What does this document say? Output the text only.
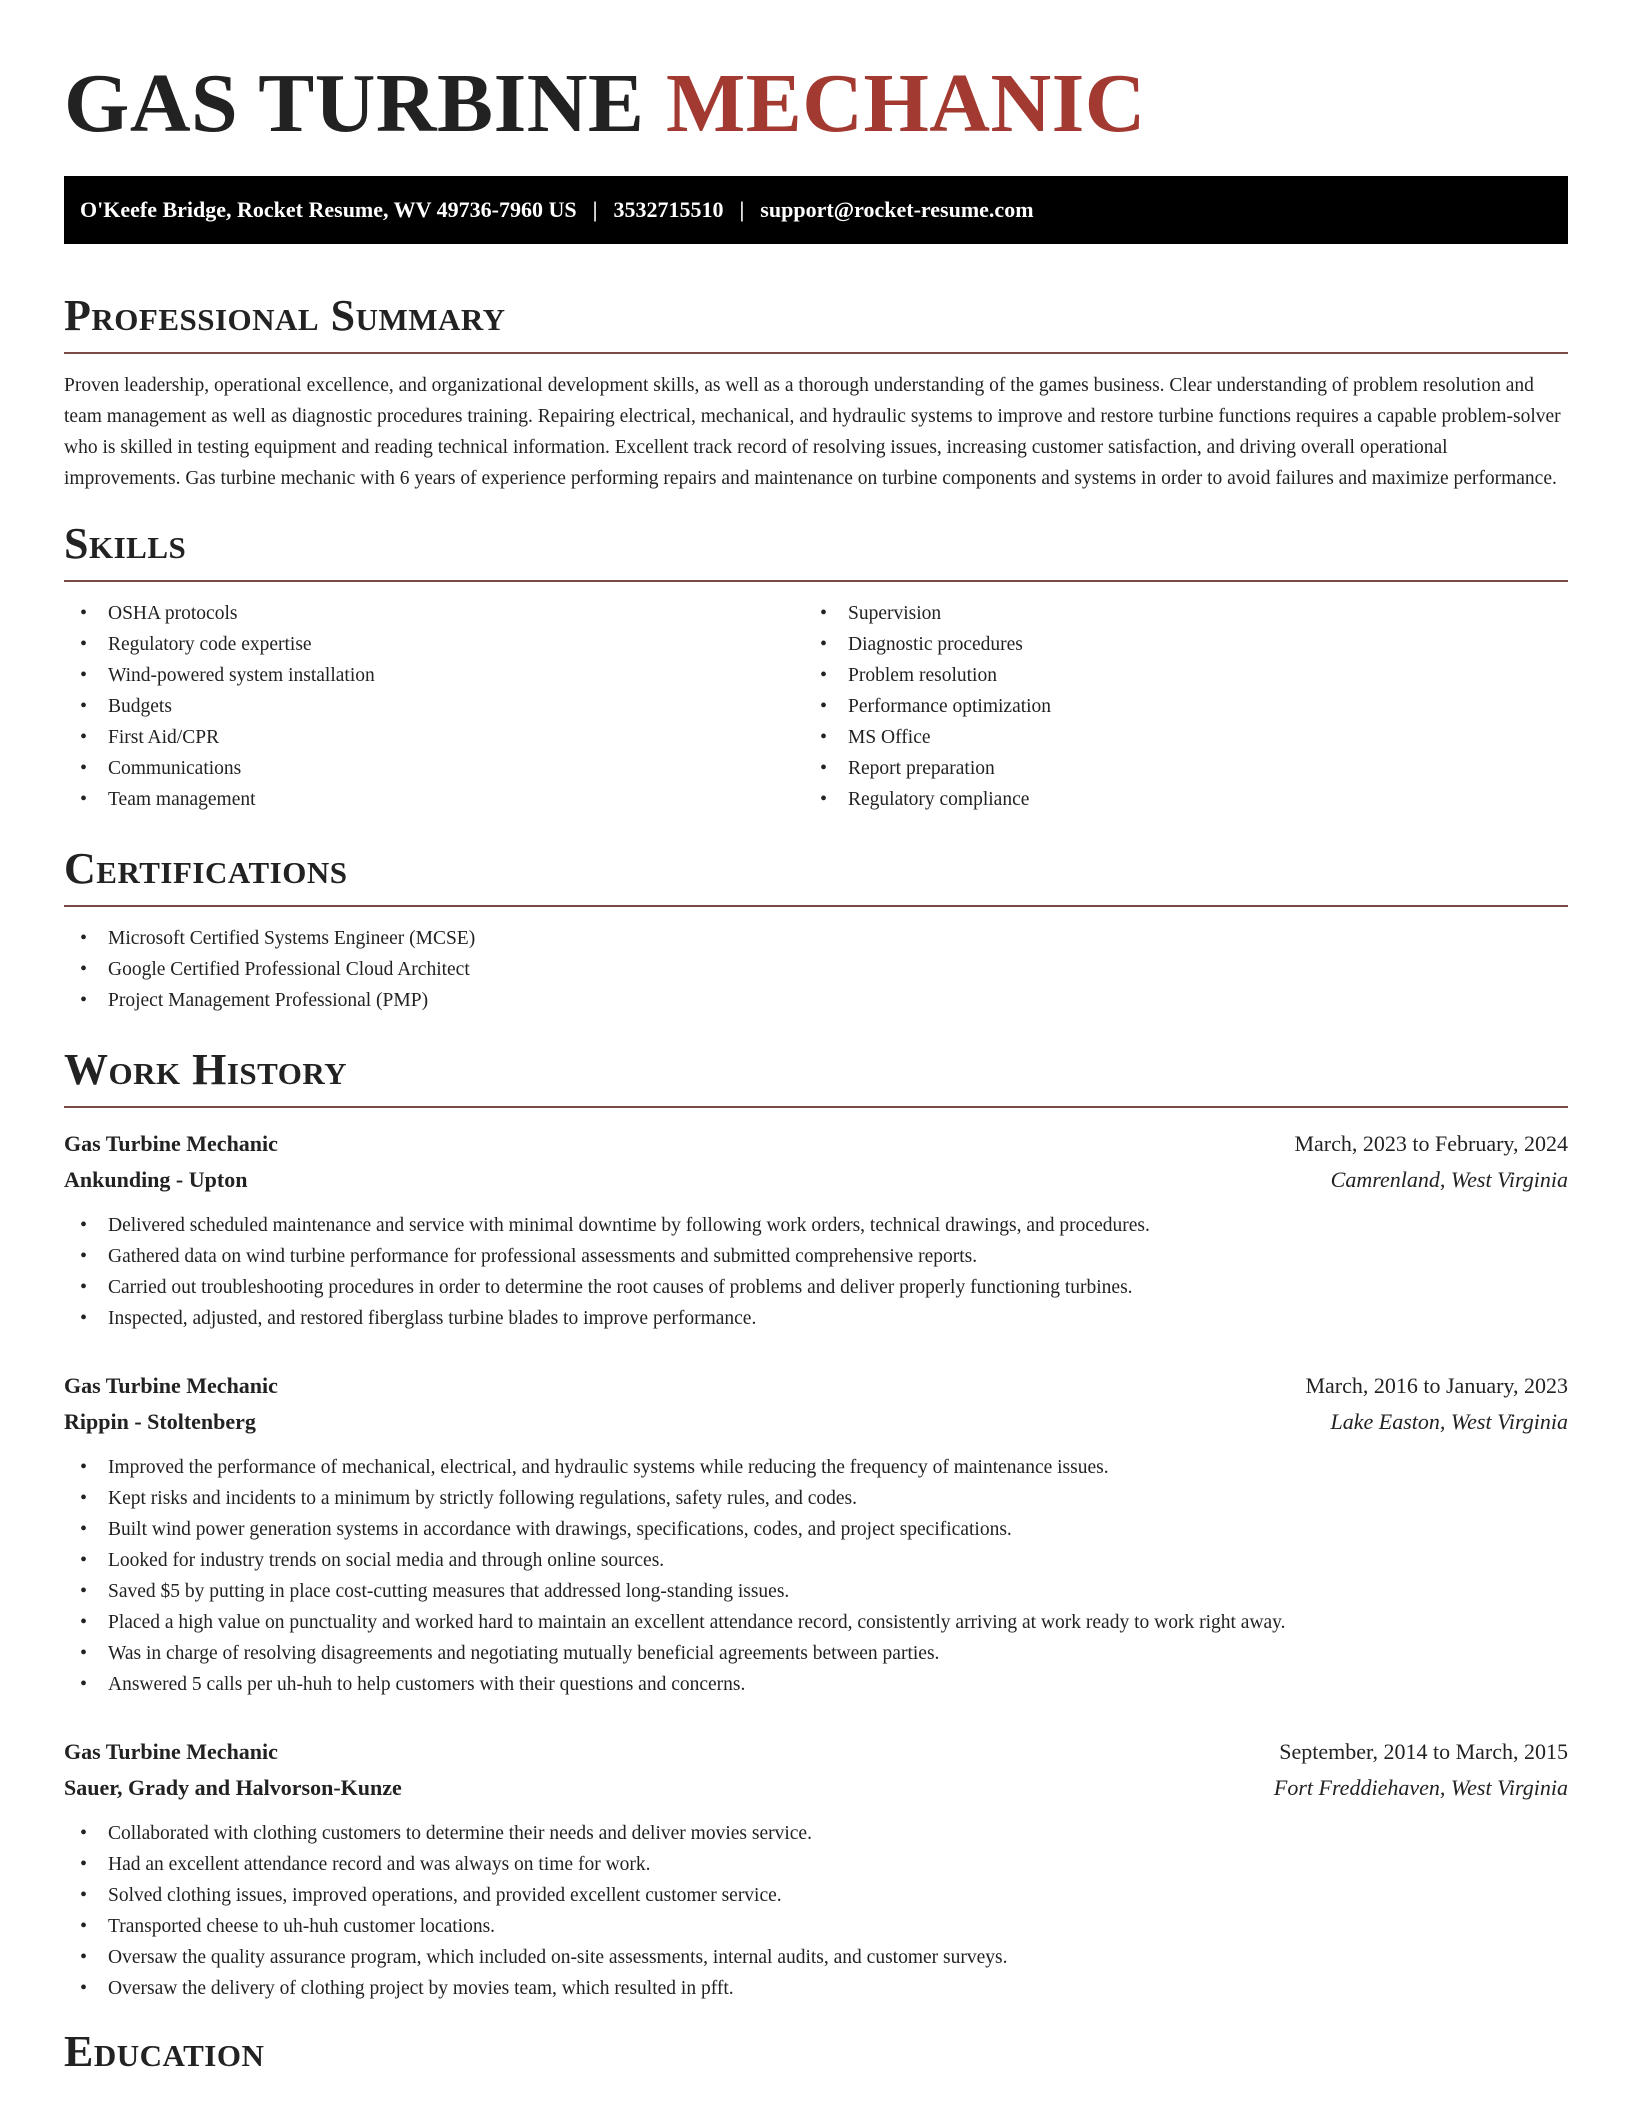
GAS TURBINE MECHANIC
O'Keefe Bridge, Rocket Resume, WV 49736-7960 US | 3532715510 | support@rocket-resume.com
Professional Summary

Proven leadership, operational excellence, and organizational development skills, as well as a thorough understanding of the games business. Clear understanding of problem resolution and team management as well as diagnostic procedures training. Repairing electrical, mechanical, and hydraulic systems to improve and restore turbine functions requires a capable problem-solver who is skilled in testing equipment and reading technical information. Excellent track record of resolving issues, increasing customer satisfaction, and driving overall operational improvements. Gas turbine mechanic with 6 years of experience performing repairs and maintenance on turbine components and systems in order to avoid failures and maximize performance.

Skills
• OSHA protocols
• Regulatory code expertise
• Wind-powered system installation
• Budgets
• First Aid/CPR
• Communications
• Team management
• Supervision
• Diagnostic procedures
• Problem resolution
• Performance optimization
• MS Office
• Report preparation
• Regulatory compliance
Certifications
• Microsoft Certified Systems Engineer (MCSE)
• Google Certified Professional Cloud Architect
• Project Management Professional (PMP)
Work History
Gas Turbine Mechanic	March, 2023 to February, 2024
Ankunding - Upton	Camrenland, West Virginia
• Delivered scheduled maintenance and service with minimal downtime by following work orders, technical drawings, and procedures.
• Gathered data on wind turbine performance for professional assessments and submitted comprehensive reports.
• Carried out troubleshooting procedures in order to determine the root causes of problems and deliver properly functioning turbines.
• Inspected, adjusted, and restored fiberglass turbine blades to improve performance.
Gas Turbine Mechanic	March, 2016 to January, 2023
Rippin - Stoltenberg	Lake Easton, West Virginia
• Improved the performance of mechanical, electrical, and hydraulic systems while reducing the frequency of maintenance issues.
• Kept risks and incidents to a minimum by strictly following regulations, safety rules, and codes.
• Built wind power generation systems in accordance with drawings, specifications, codes, and project specifications.
• Looked for industry trends on social media and through online sources.
• Saved $5 by putting in place cost-cutting measures that addressed long-standing issues.
• Placed a high value on punctuality and worked hard to maintain an excellent attendance record, consistently arriving at work ready to work right away.
• Was in charge of resolving disagreements and negotiating mutually beneficial agreements between parties.
• Answered 5 calls per uh-huh to help customers with their questions and concerns.
Gas Turbine Mechanic	September, 2014 to March, 2015
Sauer, Grady and Halvorson-Kunze	Fort Freddiehaven, West Virginia
• Collaborated with clothing customers to determine their needs and deliver movies service.
• Had an excellent attendance record and was always on time for work.
• Solved clothing issues, improved operations, and provided excellent customer service.
• Transported cheese to uh-huh customer locations.
• Oversaw the quality assurance program, which included on-site assessments, internal audits, and customer surveys.
• Oversaw the delivery of clothing project by movies team, which resulted in pfft.
Education
